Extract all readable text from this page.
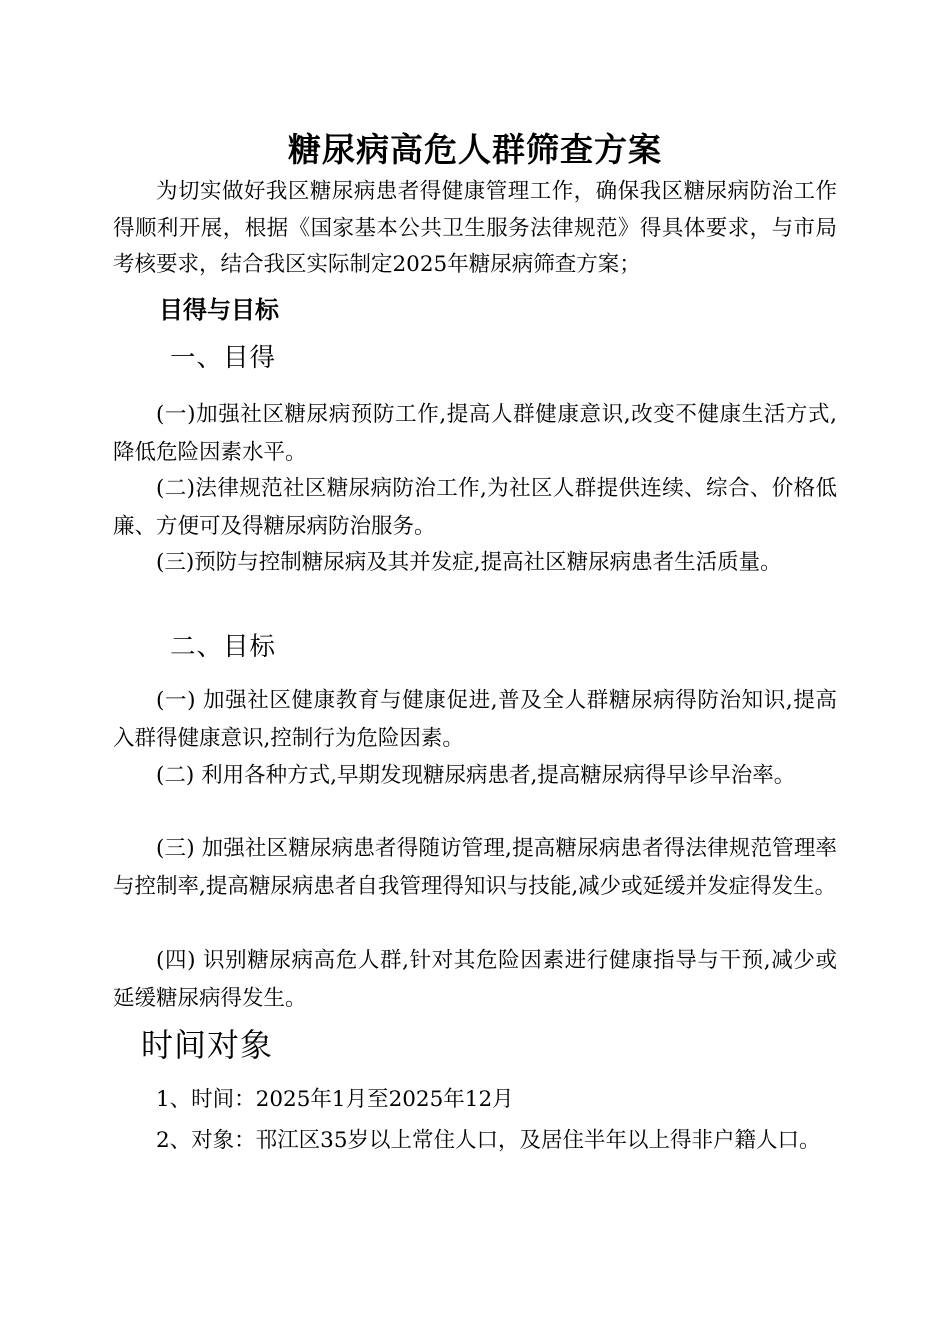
糖尿病高危人群筛查方案

为切实做好我区糖尿病患者得健康管理工作，确保我区糖尿病防治工作得顺利开展，根据《国家基本公共卫生服务法律规范》得具体要求，与市局考核要求，结合我区实际制定2025年糖尿病筛查方案；

目得与目标
一、目得

(一)加强社区糖尿病预防工作,提高人群健康意识,改变不健康生活方式,降低危险因素水平。

(二)法律规范社区糖尿病防治工作,为社区人群提供连续、综合、价格低廉、方便可及得糖尿病防治服务。

(三)预防与控制糖尿病及其并发症,提高社区糖尿病患者生活质量。

二、目标

(一) 加强社区健康教育与健康促进,普及全人群糖尿病得防治知识,提高入群得健康意识,控制行为危险因素。

(二) 利用各种方式,早期发现糖尿病患者,提高糖尿病得早诊早治率。

(三) 加强社区糖尿病患者得随访管理,提高糖尿病患者得法律规范管理率与控制率,提高糖尿病患者自我管理得知识与技能,减少或延缓并发症得发生。

(四) 识别糖尿病高危人群,针对其危险因素进行健康指导与干预,减少或延缓糖尿病得发生。

时间对象

1、时间：2025年1月至2025年12月

2、对象：邗江区35岁以上常住人口，及居住半年以上得非户籍人口。
